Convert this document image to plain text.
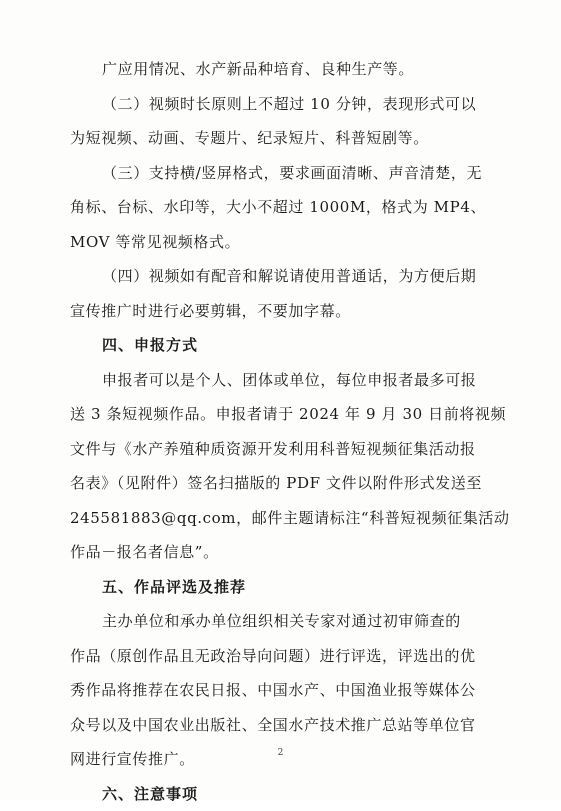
广应用情况、水产新品种培育、良种生产等。
（二）视频时长原则上不超过 10 分钟，表现形式可以
为短视频、动画、专题片、纪录短片、科普短剧等。
（三）支持横/竖屏格式，要求画面清晰、声音清楚，无
角标、台标、水印等，大小不超过 1000M，格式为 MP4、
MOV 等常见视频格式。
（四）视频如有配音和解说请使用普通话，为方便后期
宣传推广时进行必要剪辑，不要加字幕。
四、申报方式
申报者可以是个人、团体或单位，每位申报者最多可报
送 3 条短视频作品。申报者请于 2024 年 9 月 30 日前将视频
文件与《水产养殖种质资源开发利用科普短视频征集活动报
名表》（见附件）签名扫描版的 PDF 文件以附件形式发送至
245581883@qq.com，邮件主题请标注“科普短视频征集活动
作品－报名者信息”。
五、作品评选及推荐
主办单位和承办单位组织相关专家对通过初审筛查的
作品（原创作品且无政治导向问题）进行评选，评选出的优
秀作品将推荐在农民日报、中国水产、中国渔业报等媒体公
众号以及中国农业出版社、全国水产技术推广总站等单位官
网进行宣传推广。
六、注意事项
2
